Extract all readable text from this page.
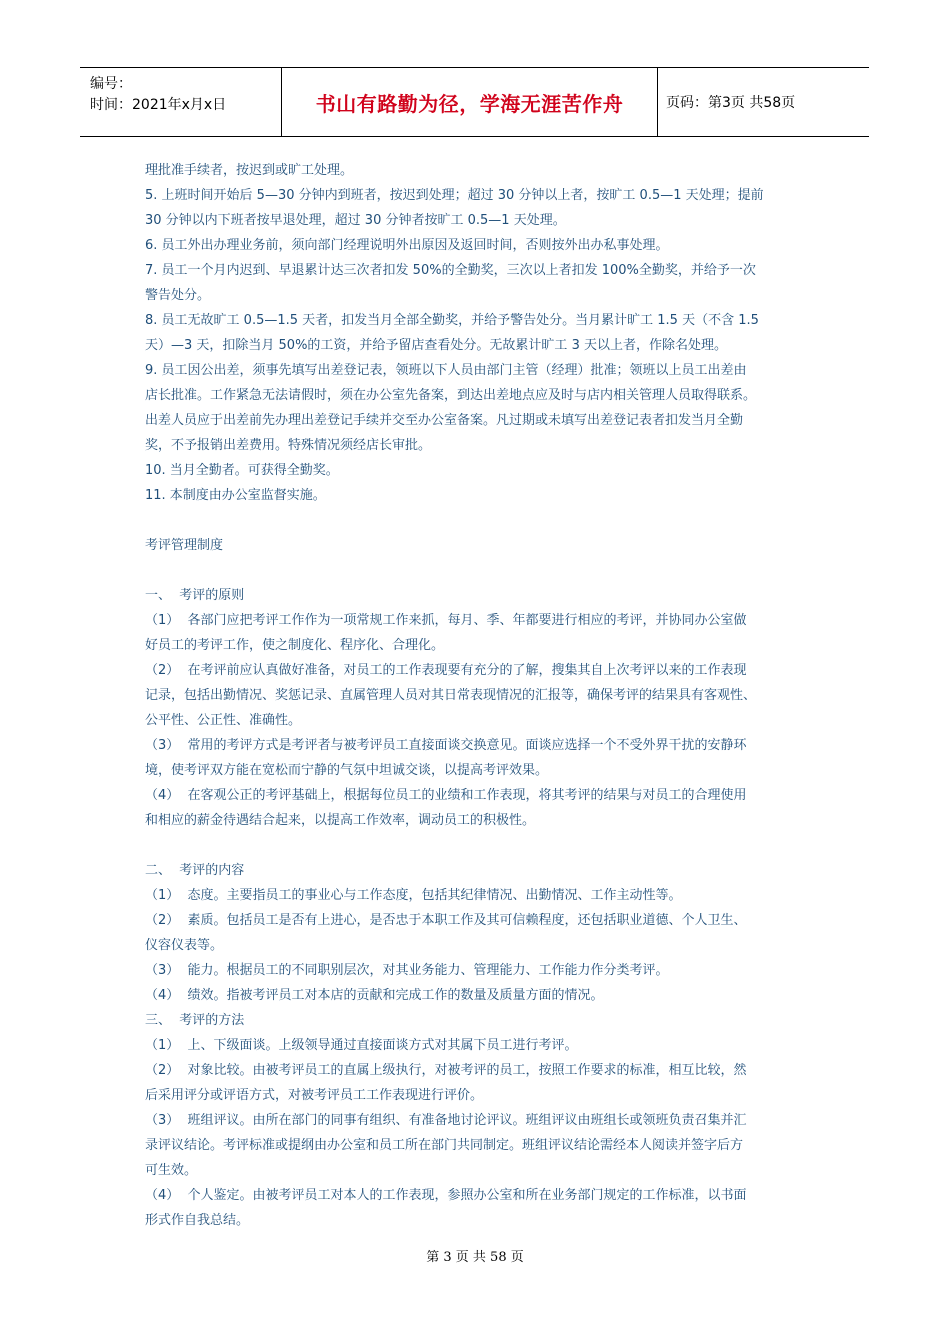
编号：
时间：2021年x月x日	书山有路勤为径，学海无涯苦作舟	页码：第3页 共58页

理批准手续者，按迟到或旷工处理。

5. 上班时间开始后 5—30 分钟内到班者，按迟到处理；超过 30 分钟以上者，按旷工 0.5—1 天处理；提前

30 分钟以内下班者按早退处理，超过 30 分钟者按旷工 0.5—1 天处理。

6. 员工外出办理业务前，须向部门经理说明外出原因及返回时间，否则按外出办私事处理。

7. 员工一个月内迟到、早退累计达三次者扣发 50%的全勤奖，三次以上者扣发 100%全勤奖，并给予一次

警告处分。

8. 员工无故旷工 0.5—1.5 天者，扣发当月全部全勤奖，并给予警告处分。当月累计旷工 1.5 天（不含 1.5

天）—3 天，扣除当月 50%的工资，并给予留店查看处分。无故累计旷工 3 天以上者，作除名处理。

9. 员工因公出差，须事先填写出差登记表，领班以下人员由部门主管（经理）批准；领班以上员工出差由

店长批准。工作紧急无法请假时，须在办公室先备案，到达出差地点应及时与店内相关管理人员取得联系。

出差人员应于出差前先办理出差登记手续并交至办公室备案。凡过期或未填写出差登记表者扣发当月全勤

奖，不予报销出差费用。特殊情况须经店长审批。

10. 当月全勤者。可获得全勤奖。

11. 本制度由办公室监督实施。

考评管理制度

一、  考评的原则

（1）  各部门应把考评工作作为一项常规工作来抓，每月、季、年都要进行相应的考评，并协同办公室做

好员工的考评工作，使之制度化、程序化、合理化。

（2）  在考评前应认真做好准备，对员工的工作表现要有充分的了解，搜集其自上次考评以来的工作表现

记录，包括出勤情况、奖惩记录、直属管理人员对其日常表现情况的汇报等，确保考评的结果具有客观性、

公平性、公正性、准确性。

（3）  常用的考评方式是考评者与被考评员工直接面谈交换意见。面谈应选择一个不受外界干扰的安静环

境，使考评双方能在宽松而宁静的气氛中坦诚交谈，以提高考评效果。

（4）  在客观公正的考评基础上，根据每位员工的业绩和工作表现，将其考评的结果与对员工的合理使用

和相应的薪金待遇结合起来，以提高工作效率，调动员工的积极性。

二、  考评的内容

（1）  态度。主要指员工的事业心与工作态度，包括其纪律情况、出勤情况、工作主动性等。

（2）  素质。包括员工是否有上进心，是否忠于本职工作及其可信赖程度，还包括职业道德、个人卫生、

仪容仪表等。

（3）  能力。根据员工的不同职别层次，对其业务能力、管理能力、工作能力作分类考评。

（4）  绩效。指被考评员工对本店的贡献和完成工作的数量及质量方面的情况。

三、  考评的方法

（1）  上、下级面谈。上级领导通过直接面谈方式对其属下员工进行考评。

（2）  对象比较。由被考评员工的直属上级执行，对被考评的员工，按照工作要求的标准，相互比较，然

后采用评分或评语方式，对被考评员工工作表现进行评价。

（3）  班组评议。由所在部门的同事有组织、有准备地讨论评议。班组评议由班组长或领班负责召集并汇

录评议结论。考评标准或提纲由办公室和员工所在部门共同制定。班组评议结论需经本人阅读并签字后方

可生效。

（4）  个人鉴定。由被考评员工对本人的工作表现，参照办公室和所在业务部门规定的工作标准，以书面

形式作自我总结。

第 3 页 共 58 页
